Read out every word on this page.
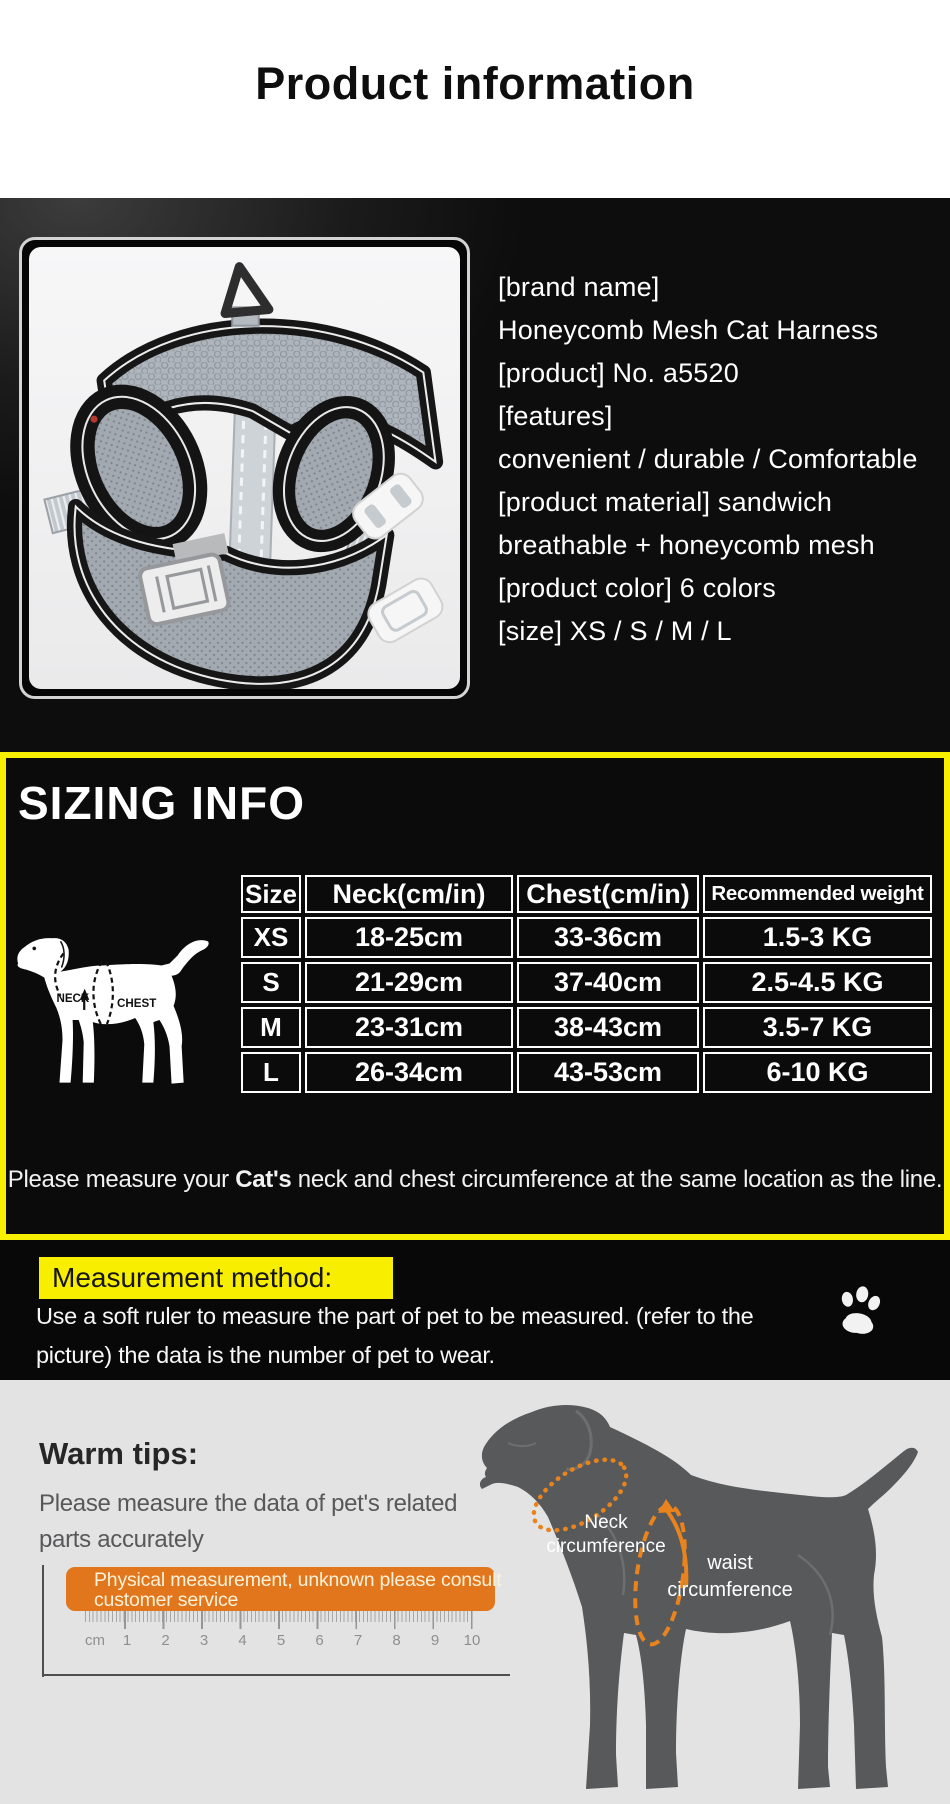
Product information
[brand name]
Honeycomb Mesh Cat Harness
[product] No. a5520
[features]
convenient / durable / Comfortable
[product material] sandwich
breathable + honeycomb mesh
[product color] 6 colors
[size] XS / S / M / L
SIZING INFO
NECK CHEST
Size	Neck(cm/in)	Chest(cm/in)	Recommended weight
XS	18-25cm	33-36cm	1.5-3 KG
S	21-29cm	37-40cm	2.5-4.5 KG
M	23-31cm	38-43cm	3.5-7 KG
L	26-34cm	43-53cm	6-10 KG
Please measure your Cat's neck and chest circumference at the same location as the line.
Measurement method:
Use a soft ruler to measure the part of pet to be measured. (refer to the
picture) the data is the number of pet to wear.
Warm tips:
Please measure the data of pet's related
parts accurately
Physical measurement, unknown please consult
customer service
cm 1 2 3 4 5 6 7 8 9 10
Neck circumference
waist circumference
